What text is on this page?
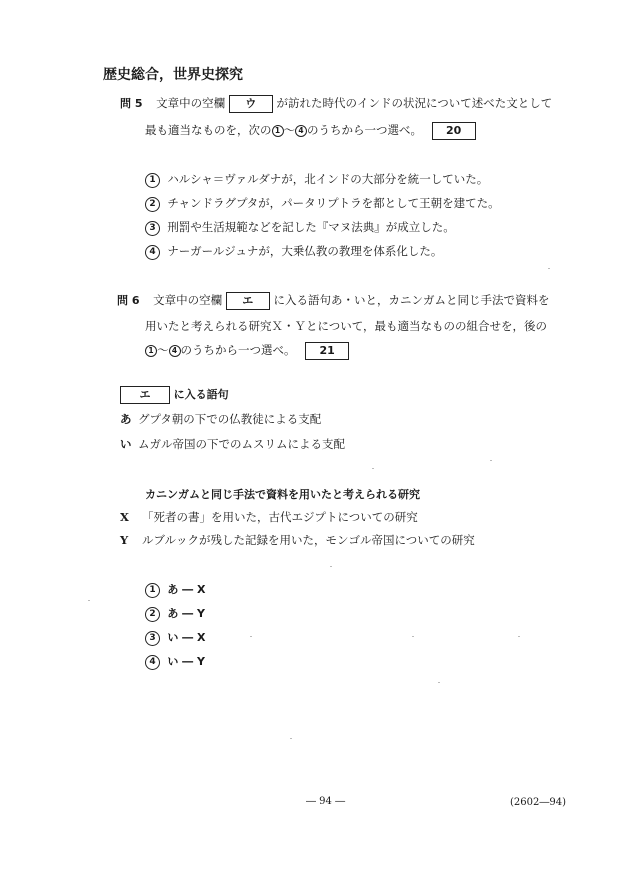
歴史総合，世界史探究
問 5 文章中の空欄 ウ が訪れた時代のインドの状況について述べた文として
最も適当なものを，次の 1 〜 4 のうちから一つ選べ。 20
1 ハルシャ＝ヴァルダナが，北インドの大部分を統一していた。
2 チャンドラグプタが，パータリプトラを都として王朝を建てた。
3 刑罰や生活規範などを記した『マヌ法典』が成立した。
4 ナーガールジュナが，大乗仏教の教理を体系化した。
問 6 文章中の空欄 エ に入る語句あ・いと，カニンガムと同じ手法で資料を
用いたと考えられる研究Ｘ・Ｙとについて，最も適当なものの組合せを，後の
1 〜 4 のうちから一つ選べ。 21
エ に入る語句
あ グプタ朝の下での仏教徒による支配
い ムガル帝国の下でのムスリムによる支配
カニンガムと同じ手法で資料を用いたと考えられる研究
X 「死者の書」を用いた，古代エジプトについての研究
Y ルブルックが残した記録を用いた，モンゴル帝国についての研究
1 あ ― X
2 あ ― Y
3 い ― X
4 い ― Y
― 94 ―	(2602―94)
